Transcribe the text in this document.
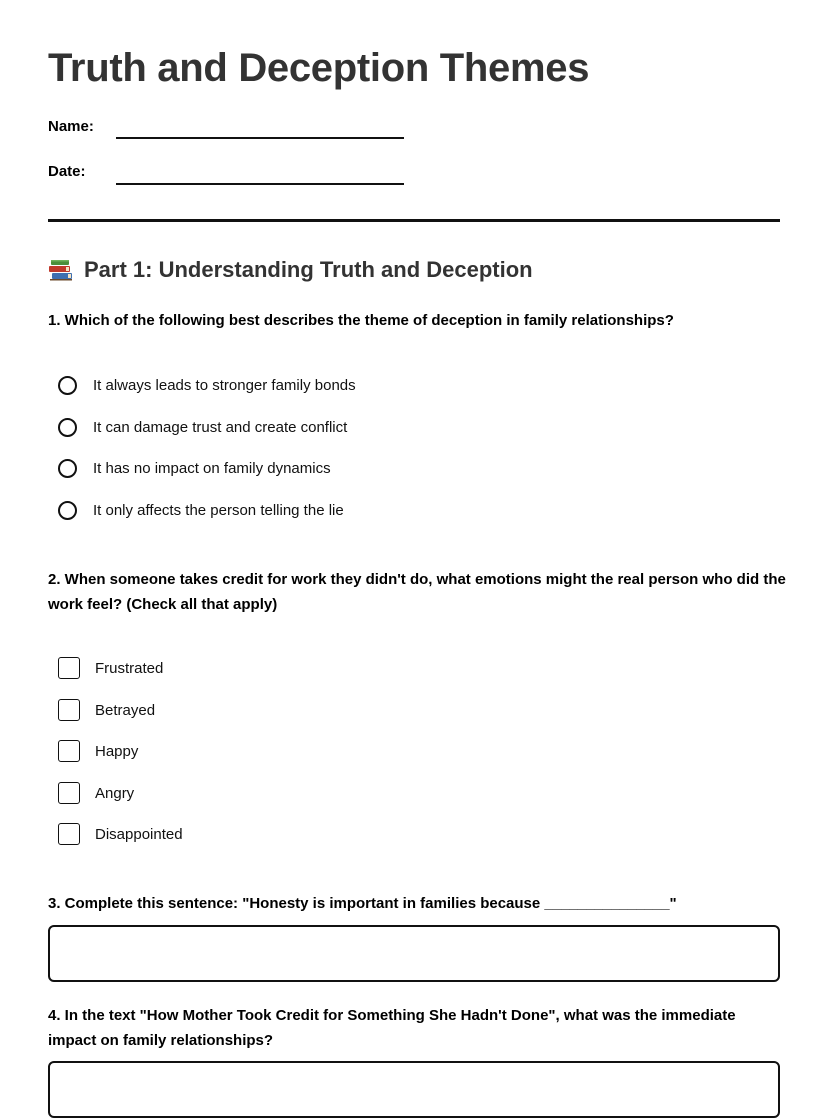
Truth and Deception Themes
Name:
Date:
Part 1: Understanding Truth and Deception

1. Which of the following best describes the theme of deception in family relationships?

It always leads to stronger family bonds
It can damage trust and create conflict
It has no impact on family dynamics
It only affects the person telling the lie

2. When someone takes credit for work they didn't do, what emotions might the real person who did the work feel? (Check all that apply)

Frustrated
Betrayed
Happy
Angry
Disappointed

3. Complete this sentence: "Honesty is important in families because _______________"

4. In the text "How Mother Took Credit for Something She Hadn't Done", what was the immediate impact on family relationships?
